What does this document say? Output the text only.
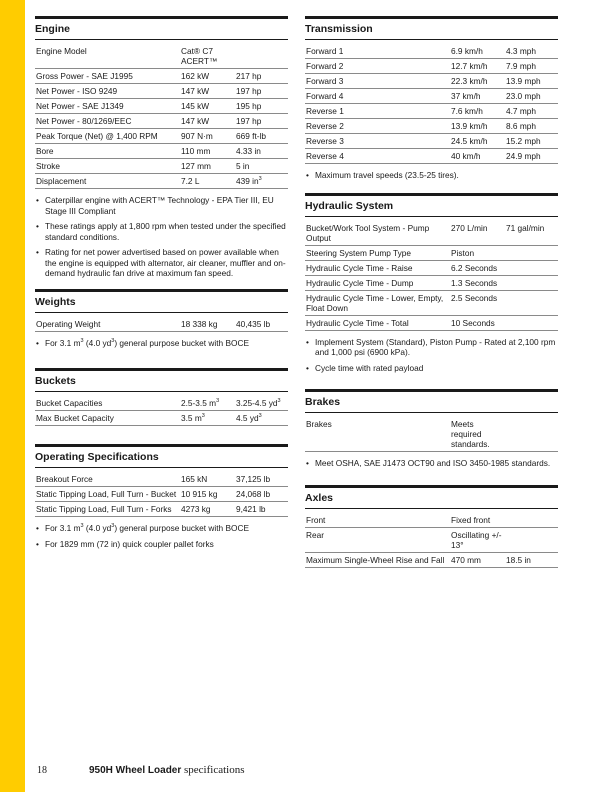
Engine
Engine Model	Cat® C7 ACERT™	
Gross Power - SAE J1995	162 kW	217 hp
Net Power - ISO 9249	147 kW	197 hp
Net Power - SAE J1349	145 kW	195 hp
Net Power - 80/1269/EEC	147 kW	197 hp
Peak Torque (Net) @ 1,400 RPM	907 N·m	669 ft-lb
Bore	110 mm	4.33 in
Stroke	127 mm	5 in
Displacement	7.2 L	439 $in^3$
• Caterpillar engine with ACERT™ Technology - EPA Tier III, EU Stage III Compliant
• These ratings apply at 1,800 rpm when tested under the specified standard conditions.
• Rating for net power advertised based on power available when the engine is equipped with alternator, air cleaner, muffler and on-demand hydraulic fan drive at maximum fan speed.
Weights
Operating Weight	18 338 kg	40,435 lb
• For 3.1 $m^3$ (4.0 $yd^3$) general purpose bucket with BOCE
Buckets
Bucket Capacities	2.5-3.5 $m^3$	3.25-4.5 $yd^3$
Max Bucket Capacity	3.5 $m^3$	4.5 $yd^3$
Operating Specifications
Breakout Force	165 kN	37,125 lb
Static Tipping Load, Full Turn - Bucket	10 915 kg	24,068 lb
Static Tipping Load, Full Turn - Forks	4273 kg	9,421 lb
• For 3.1 $m^3$ (4.0 $yd^3$) general purpose bucket with BOCE
• For 1829 mm (72 in) quick coupler pallet forks
Transmission
Forward 1	6.9 km/h	4.3 mph
Forward 2	12.7 km/h	7.9 mph
Forward 3	22.3 km/h	13.9 mph
Forward 4	37 km/h	23.0 mph
Reverse 1	7.6 km/h	4.7 mph
Reverse 2	13.9 km/h	8.6 mph
Reverse 3	24.5 km/h	15.2 mph
Reverse 4	40 km/h	24.9 mph
• Maximum travel speeds (23.5-25 tires).
Hydraulic System
Bucket/Work Tool System - Pump Output	270 L/min	71 gal/min
Steering System Pump Type	Piston	
Hydraulic Cycle Time - Raise	6.2 Seconds	
Hydraulic Cycle Time - Dump	1.3 Seconds	
Hydraulic Cycle Time - Lower, Empty, Float Down	2.5 Seconds	
Hydraulic Cycle Time - Total	10 Seconds	
• Implement System (Standard), Piston Pump - Rated at 2,100 rpm and 1,000 psi (6900 kPa).
• Cycle time with rated payload
Brakes
Brakes	Meets required standards.	
• Meet OSHA, SAE J1473 OCT90 and ISO 3450-1985 standards.
Axles
Front	Fixed front	
Rear	Oscillating +/- 13°	
Maximum Single-Wheel Rise and Fall	470 mm	18.5 in
18	950H Wheel Loader specifications
